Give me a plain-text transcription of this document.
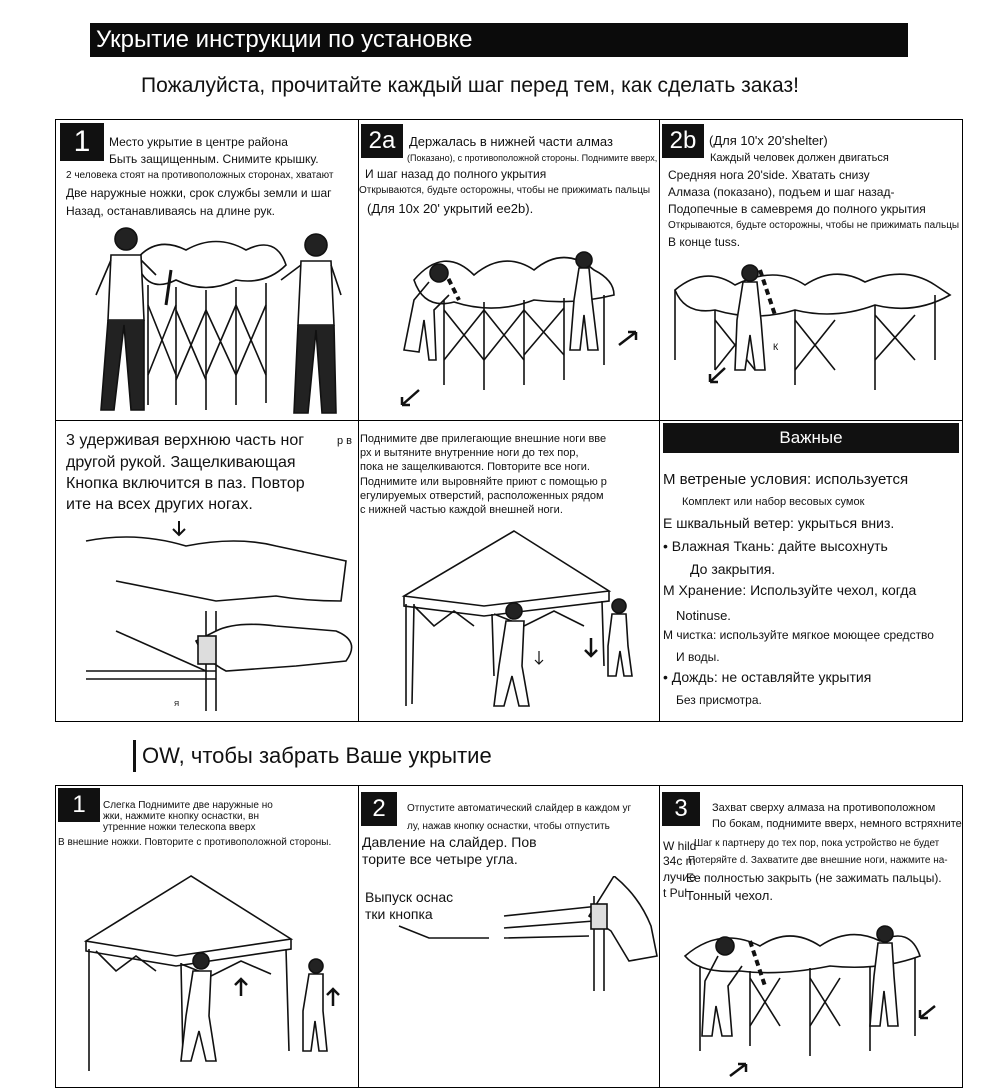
Укрытие инструкции по установке
Пожалуйста, прочитайте каждый шаг перед тем, как сделать заказ!
1	Место укрытие в центре района
Быть защищенным. Снимите крышку.
2 человека стоят на противоположных сторонах, хватают
Две наружные ножки, срок службы земли и шаг
Назад, останавливаясь на длине рук.
2a	Держалась в нижней части алмаз
(Показано), с противоположной стороны. Поднимите вверх,
И шаг назад до полного укрытия
Открываются, будьте осторожны, чтобы не прижимать пальцы
(Для 10x 20' укрытий ee2b).
2b (Для 10'x 20'shelter)
Каждый человек должен двигаться
Средняя нога 20'side. Хватать снизу
Алмаза (показано), подъем и шаг назад-
Подопечные в самевремя до полного укрытия
Открываются, будьте осторожны, чтобы не прижимать пальцы
В конце tuss.
К
3 удерживая верхнюю часть ног	р в
другой рукой. Защелкивающая
Кнопка включится в паз. Повтор
ите на всех других ногах.
Я
Поднимите две прилегающие внешние ноги вве
рх и вытяните внутренние ноги до тех пор,
пока не защелкиваются. Повторите все ноги.
Поднимите или выровняйте приют с помощью р
егулируемых отверстий, расположенных рядом
с нижней частью каждой внешней ноги.
Важные
М ветреные условия: используется
Комплект или набор весовых сумок
Е шквальный ветер: укрыться вниз.
• Влажная Ткань: дайте высохнуть
До закрытия.
М Хранение: Используйте чехол, когда
Notinuse.
М чистка: используйте мягкое моющее средство
И воды.
• Дождь: не оставляйте укрытия
Без присмотра.
OW, чтобы забрать Ваше укрытие
1	Слегка Поднимите две наружные но
жки, нажмите кнопку оснастки, вн
утренние ножки телескопа вверх
В внешние ножки. Повторите с противоположной стороны.
2	Отпустите автоматический слайдер в каждом уг
лу, нажав кнопку оснастки, чтобы отпустить
Давление на слайдер. Пов
торите все четыре угла.
Выпуск оснас
тки кнопка
3	Захват сверху алмаза на противоположном
По бокам, поднимите вверх, немного встряхните
W hild
34c m
лучие
t Pul
Шаг к партнеру до тех пор, пока устройство не будет
Потеряйте d. Захватите две внешние ноги, нажмите на-
Ее полностью закрыть (не зажимать пальцы).
Тонный чехол.
